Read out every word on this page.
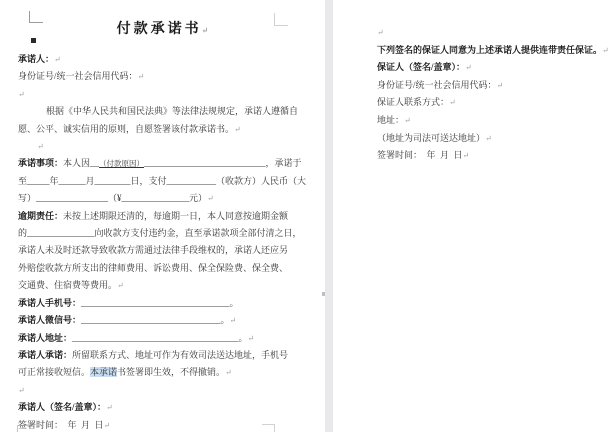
付款承诺书↵
承诺人：↵
身份证号/统一社会信用代码：↵
↵
根据《中华人民共和国民法典》等法律法规规定，承诺人遵循自
愿、公平、诚实信用的原则，自愿签署该付款承诺书。↵
↵
承诺事项：本人因__（付款原因）___________________________，承诺于
至_____年______月________日，支付___________（收款方）人民币（大
写）________________（¥_______________元）↵
逾期责任：未按上述期限还清的，每逾期一日，本人同意按逾期金额
的_______________向收款方支付违约金，直至承诺款项全部付清之日，
承诺人未及时还款导致收款方需通过法律手段维权的，承诺人还应另
外赔偿收款方所支出的律师费用、诉讼费用、保全保险费、保全费、
交通费、住宿费等费用。↵
承诺人手机号：_________________________________。
承诺人微信号：_______________________________。↵
承诺人地址：_____________________________________。↵
承诺人承诺：所留联系方式、地址可作为有效司法送达地址，手机号
可正常接收短信。本承诺书签署即生效，不得撤销。↵
↵
承诺人（签名/盖章）：↵
签署时间：  年  月  日↵
↵
下列签名的保证人同意为上述承诺人提供连带责任保证。↵
保证人（签名/盖章）：↵
身份证号/统一社会信用代码：↵
保证人联系方式：↵
地址：↵
（地址为司法可送达地址）↵
签署时间：  年  月  日↵
